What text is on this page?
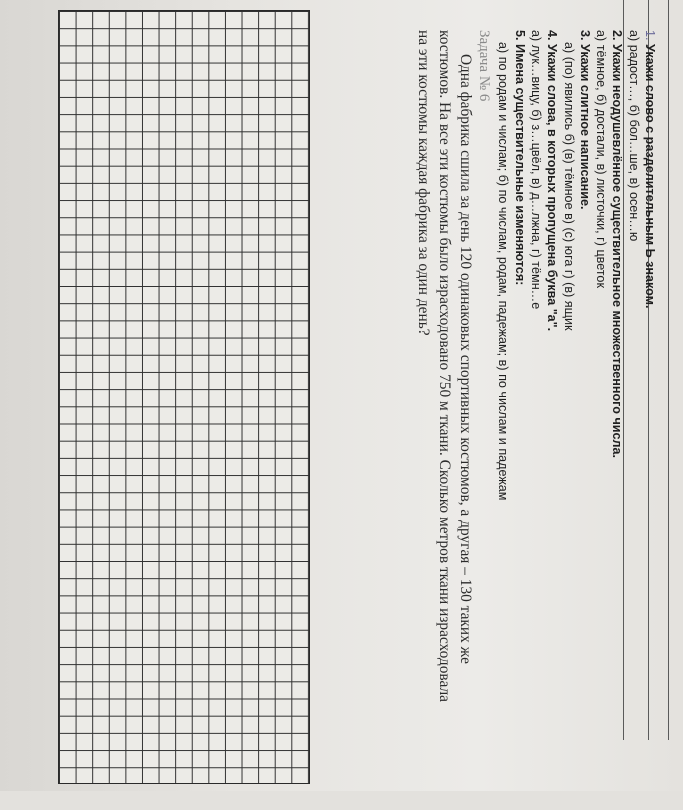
1. Укажи слово с разделительным Ь знаком.

а) радост…, б) бол…ше, в) осен…ю

2. Укажи неодушевлённое существительное множественного числа.

а) тёмное, б) достали, в) листочки, г) цветок

3. Укажи слитное написание.

а) (по) явились б) (в) тёмное в) (с) юга г) (в) ящик

4. Укажи слова, в которых пропущена буква "а".

а) лук…вицу, б) з…цвёл, в) д…лжна, г) тёмн…е

5. Имена существительные изменяются:

а) по родам и числам; б) по числам, родам, падежам; в) по числам и падежам

Задача № 6

Одна фабрика сшила за день 120 одинаковых спортивных костюмов, а другая – 130 таких же костюмов. На все эти костюмы было израсходовано 750 м ткани. Сколько метров ткани израсходовала на эти костюмы каждая фабрика за один день?
